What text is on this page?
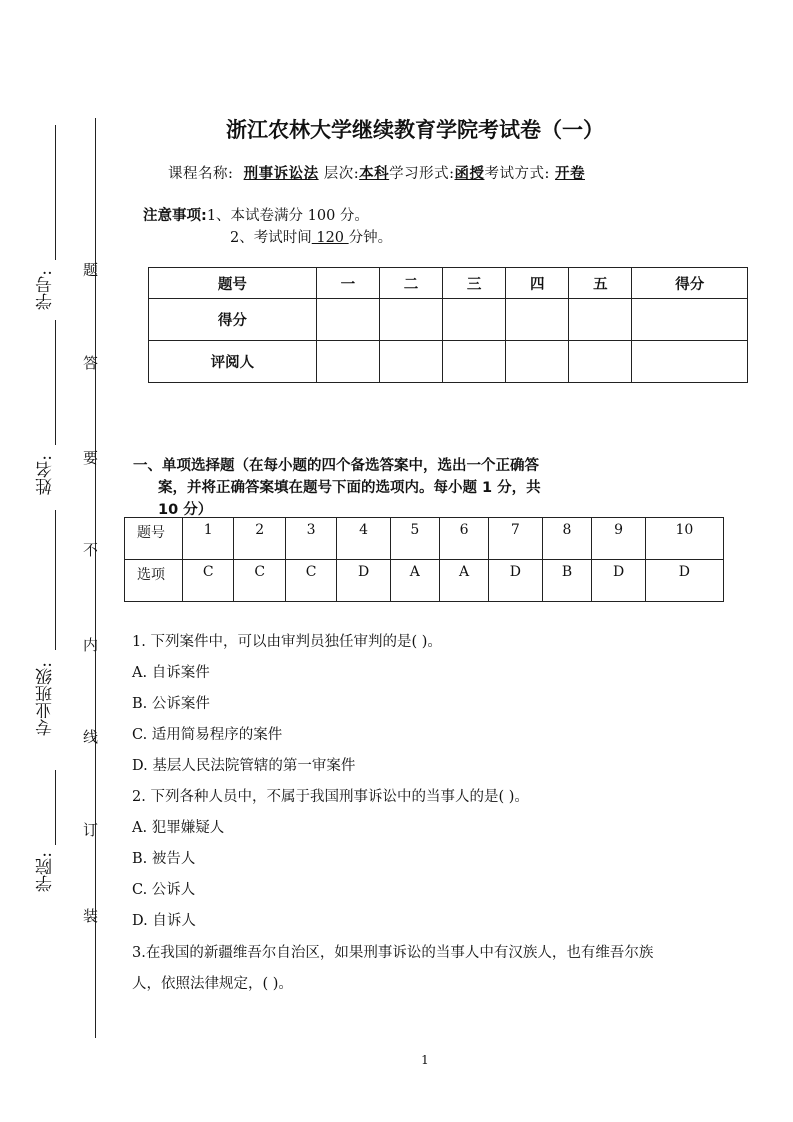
学号:
姓名:
专业班级:
学院:
题
答
要
不
内
线
订
装
浙江农林大学继续教育学院考试卷（一）
课程名称: 刑事诉讼法 层次:本科学习形式:函授考试方式: 开卷
注意事项:1、本试卷满分 100 分。
2、考试时间 120 分钟。
题号	一	二	三	四	五	得分
得分						
评阅人						
一、单项选择题（在每小题的四个备选答案中，选出一个正确答
案，并将正确答案填在题号下面的选项内。每小题 1 分，共
10 分）
题号	1	2	3	4	5	6	7	8	9	10
选项	C	C	C	D	A	A	D	B	D	D
1. 下列案件中，可以由审判员独任审判的是( )。
A. 自诉案件
B. 公诉案件
C. 适用简易程序的案件
D. 基层人民法院管辖的第一审案件
2. 下列各种人员中，不属于我国刑事诉讼中的当事人的是( )。
A. 犯罪嫌疑人
B. 被告人
C. 公诉人
D. 自诉人
3.在我国的新疆维吾尔自治区，如果刑事诉讼的当事人中有汉族人，也有维吾尔族
人，依照法律规定，( )。
1
